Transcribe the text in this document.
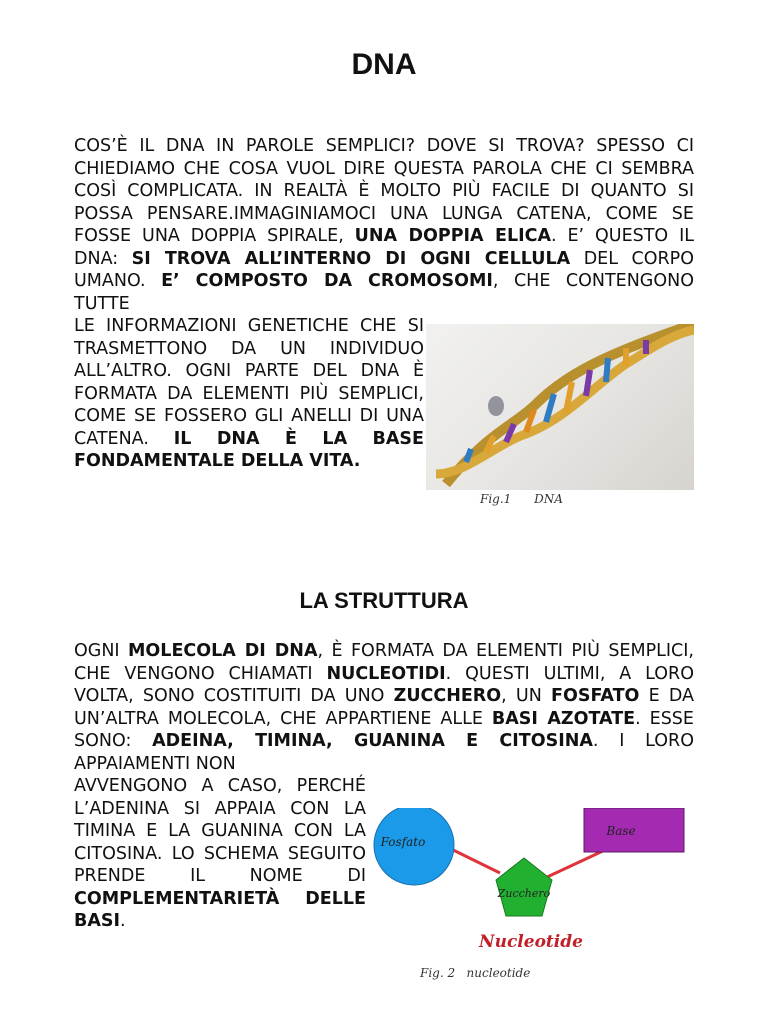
DNA
COS’È IL DNA IN PAROLE SEMPLICI? DOVE SI TROVA? SPESSO CI CHIEDIAMO CHE COSA VUOL DIRE QUESTA PAROLA CHE CI SEMBRA COSÌ COMPLICATA. IN REALTÀ È MOLTO PIÙ FACILE DI QUANTO SI POSSA PENSARE.IMMAGINIAMOCI UNA LUNGA CATENA, COME SE FOSSE UNA DOPPIA SPIRALE, UNA DOPPIA ELICA. E’ QUESTO IL DNA: SI TROVA ALL’INTERNO DI OGNI CELLULA DEL CORPO UMANO. E’ COMPOSTO DA CROMOSOMI, CHE CONTENGONO TUTTE
LE INFORMAZIONI GENETICHE CHE SI TRASMETTONO DA UN INDIVIDUO ALL’ALTRO. OGNI PARTE DEL DNA È FORMATA DA ELEMENTI PIÙ SEMPLICI, COME SE FOSSERO GLI ANELLI DI UNA CATENA. IL DNA È LA BASE FONDAMENTALE DELLA VITA.
Fig.1      DNA
LA STRUTTURA
OGNI MOLECOLA DI DNA, È FORMATA DA ELEMENTI PIÙ SEMPLICI, CHE VENGONO CHIAMATI NUCLEOTIDI. QUESTI ULTIMI, A LORO VOLTA, SONO COSTITUITI DA UNO ZUCCHERO, UN FOSFATO E DA UN’ALTRA MOLECOLA, CHE APPARTIENE ALLE BASI AZOTATE. ESSE SONO: ADEINA, TIMINA, GUANINA E CITOSINA. I LORO APPAIAMENTI NON
AVVENGONO A CASO, PERCHÉ L’ADENINA SI APPAIA CON LA TIMINA E LA GUANINA CON LA CITOSINA. LO SCHEMA SEGUITO PRENDE IL NOME DI COMPLEMENTARIETÀ DELLE BASI.
Fosfato
Zucchero
Base
Nucleotide
Fig. 2   nucleotide
